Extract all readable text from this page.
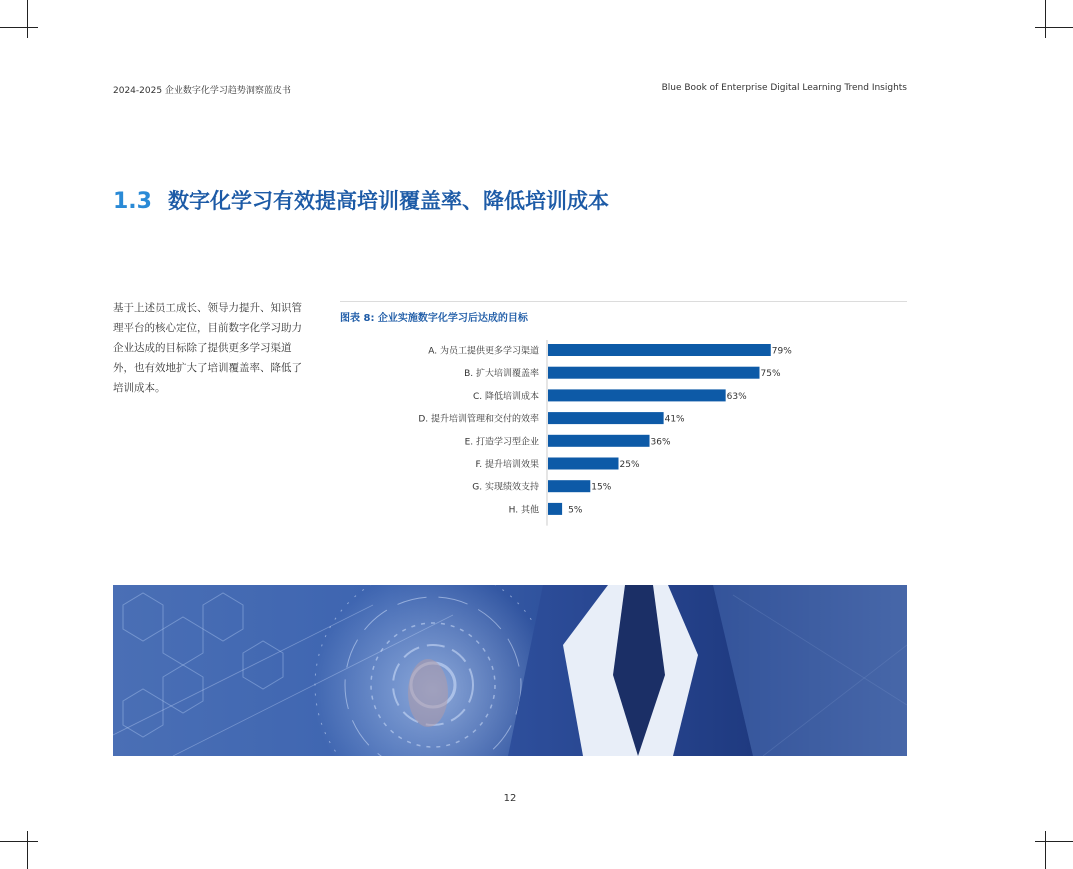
2024-2025 企业数字化学习趋势洞察蓝皮书	Blue Book of Enterprise Digital Learning Trend Insights
1.3 数字化学习有效提高培训覆盖率、降低培训成本

基于上述员工成长、领导力提升、知识管理平台的核心定位，目前数字化学习助力企业达成的目标除了提供更多学习渠道外，也有效地扩大了培训覆盖率、降低了培训成本。

图表 8: 企业实施数字化学习后达成的目标
A. 为员工提供更多学习渠道	79%
B. 扩大培训覆盖率	75%
C. 降低培训成本	63%
D. 提升培训管理和交付的效率	41%
E. 打造学习型企业	36%
F. 提升培训效果	25%
G. 实现绩效支持	15%
H. 其他	5%
12
